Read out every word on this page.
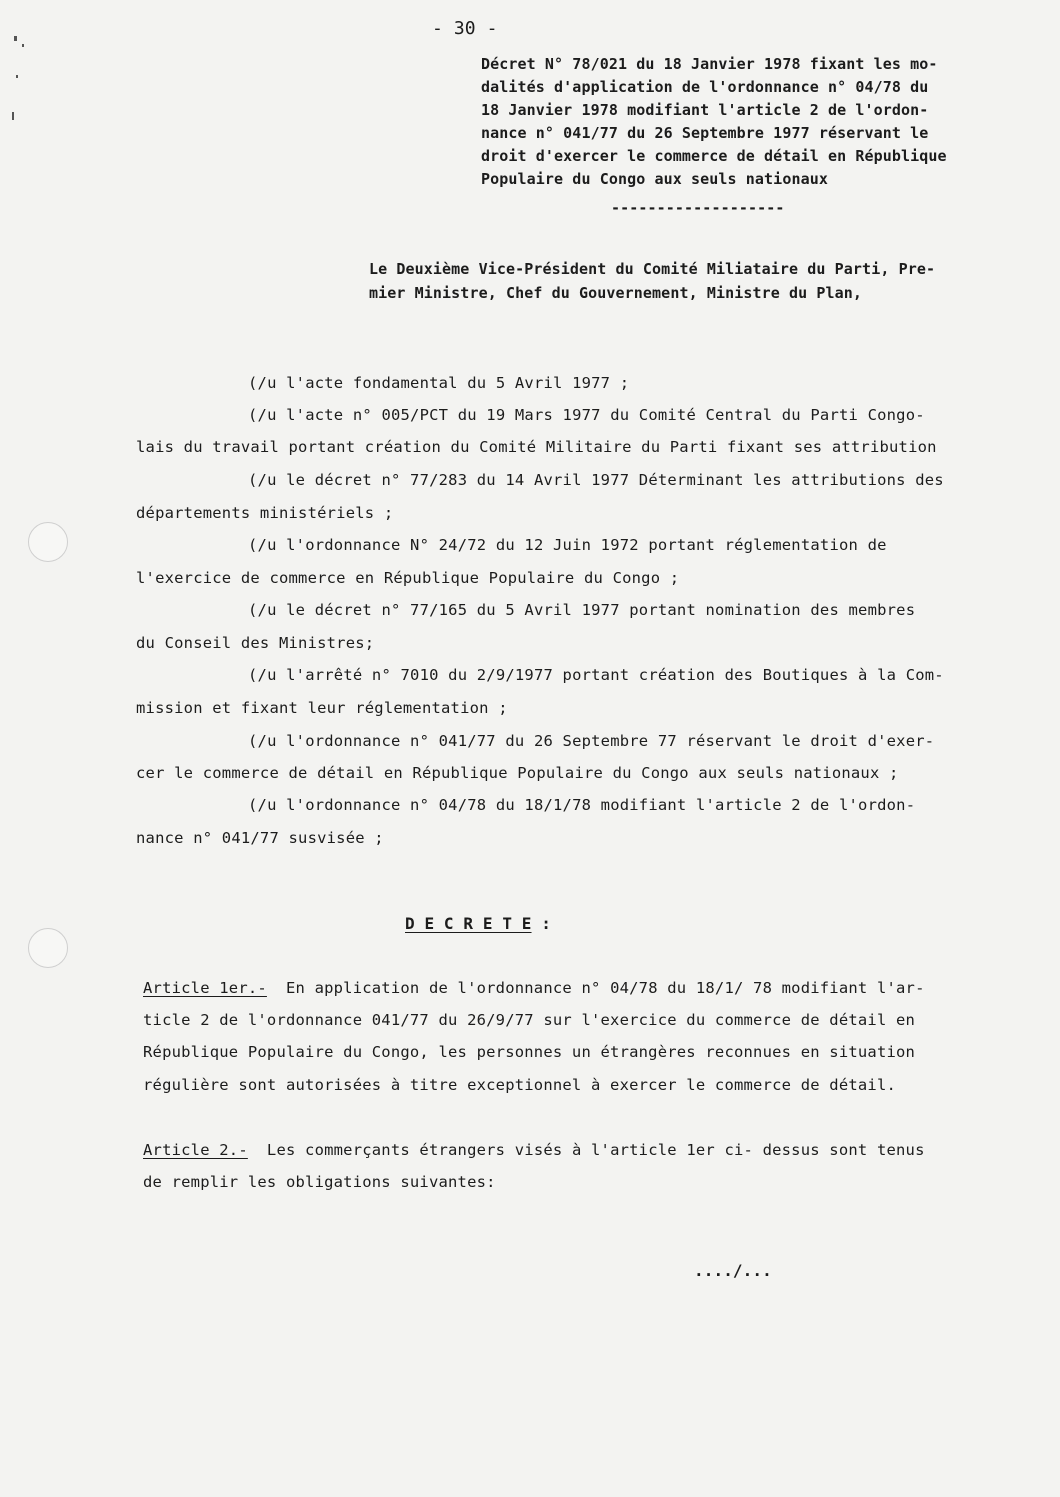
- 30 -
Décret N° 78/021 du 18 Janvier 1978 fixant les mo-
dalités d'application de l'ordonnance n° 04/78 du
18 Janvier 1978 modifiant l'article 2 de l'ordon-
nance n° 041/77 du 26 Septembre 1977 réservant le
droit d'exercer le commerce de détail en République
Populaire du Congo aux seuls nationaux
-------------------
Le Deuxième Vice-Président du Comité Miliataire du Parti, Pre-
mier Ministre, Chef du Gouvernement, Ministre du Plan,
(/u l'acte fondamental du 5 Avril 1977 ;
(/u l'acte n° 005/PCT du 19 Mars 1977 du Comité Central du Parti Congo-
lais du travail portant création du Comité Militaire du Parti fixant ses attribution
(/u le décret n° 77/283 du 14 Avril 1977 Déterminant les attributions des
départements ministériels ;
(/u l'ordonnance N° 24/72 du 12 Juin 1972 portant réglementation de
l'exercice de commerce en République Populaire du Congo ;
(/u le décret n° 77/165 du 5 Avril 1977 portant nomination des membres
du Conseil des Ministres;
(/u l'arrêté n° 7010 du 2/9/1977 portant création des Boutiques à la Com-
mission et fixant leur réglementation ;
(/u l'ordonnance n° 041/77 du 26 Septembre 77 réservant le droit d'exer-
cer le commerce de détail en République Populaire du Congo aux seuls nationaux ;
(/u l'ordonnance n° 04/78 du 18/1/78 modifiant l'article 2 de l'ordon-
nance n° 041/77 susvisée ;
D E C R E T E :
Article 1er.-  En application de l'ordonnance n° 04/78 du 18/1/ 78 modifiant l'ar-
ticle 2 de l'ordonnance 041/77 du 26/9/77 sur l'exercice du commerce de détail en
République Populaire du Congo, les personnes un étrangères reconnues en situation
régulière sont autorisées à titre exceptionnel à exercer le commerce de détail.
Article 2.-  Les commerçants étrangers visés à l'article 1er ci- dessus sont tenus
de remplir les obligations suivantes:
..../...
